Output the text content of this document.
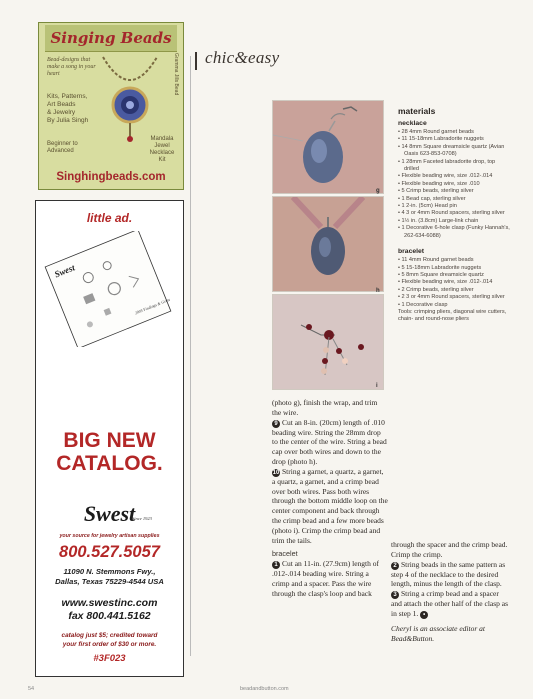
Singing Beads
Bead-designs that make a song in your heart
Kits, Patterns,
Art Beads
& Jewelry
By Julia Singh
Beginner to
Advanced
Mandala
Jewel
Necklace
Kit
Gramma Jills Bead
Singhingbeads.com
little ad.
Swest
2003 Findings & Gems
BIG NEW
CATALOG.
Swest
Since 1923
your source for jewelry artisan supplies
800.527.5057
11090 N. Stemmons Fwy.,
Dallas, Texas 75229-4544 USA
www.swestinc.com
fax 800.441.5162
catalog just $5; credited toward
your first order of $30 or more.
#3F023
chic&easy
g
h
i
materials
necklace

• 28 4mm Round garnet beads

• 11 15-18mm Labradorite nuggets

• 14 8mm Square dreamsicle quartz (Avian Oasis 623-853-0708)

• 1 28mm Faceted labradorite drop, top drilled

• Flexible beading wire, size .012-.014

• Flexible beading wire, size .010

• 5 Crimp beads, sterling silver

• 1 Bead cap, sterling silver

• 1 2-in. (5cm) Head pin

• 4 3 or 4mm Round spacers, sterling silver

• 1½ in. (3.8cm) Large-link chain

• 1 Decorative 6-hole clasp (Funky Hannah's, 262-634-6088)

bracelet

• 11 4mm Round garnet beads

• 5 15-18mm Labradorite nuggets

• 5 8mm Square dreamsicle quartz

• Flexible beading wire, size .012-.014

• 2 Crimp beads, sterling silver

• 2 3 or 4mm Round spacers, sterling silver

• 1 Decorative clasp

Tools: crimping pliers, diagonal wire cutters, chain- and round-nose pliers

(photo g), finish the wrap, and trim the wire.

9 Cut an 8-in. (20cm) length of .010 beading wire. String the 28mm drop to the center of the wire. String a bead cap over both wires and down to the drop (photo h).

10 String a garnet, a quartz, a garnet, a quartz, a garnet, and a crimp bead over both wires. Pass both wires through the bottom middle loop on the center component and back through the crimp bead and a few more beads (photo i). Crimp the crimp bead and trim the tails.

bracelet

1 Cut an 11-in. (27.9cm) length of .012-.014 beading wire. String a crimp and a spacer. Pass the wire through the clasp's loop and back

through the spacer and the crimp bead. Crimp the crimp.

2 String beads in the same pattern as step 4 of the necklace to the desired length, minus the length of the clasp.

3 String a crimp bead and a spacer and attach the other half of the clasp as in step 1. •

Cheryl is an associate editor at Bead&Button.

54	beadandbutton.com
